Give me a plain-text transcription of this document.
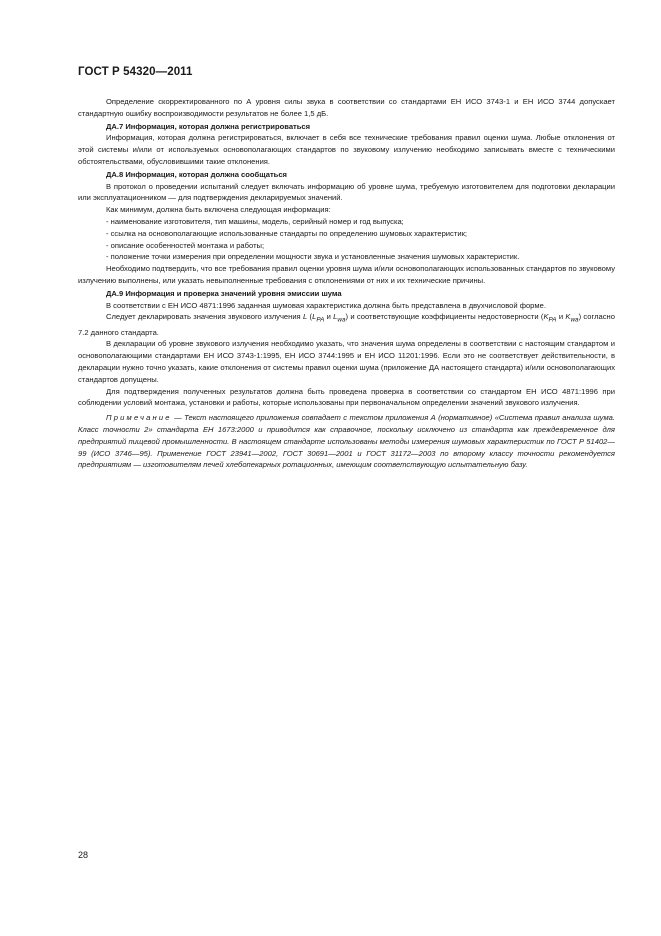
ГОСТ Р 54320—2011

Определение скорректированного по А уровня силы звука в соответствии со стандартами ЕН ИСО 3743-1 и ЕН ИСО 3744 допускает стандартную ошибку воспроизводимости результатов не более 1,5 дБ.

ДА.7 Информация, которая должна регистрироваться

Информация, которая должна регистрироваться, включает в себя все технические требования правил оценки шума. Любые отклонения от этой системы и/или от используемых основополагающих стандартов по звуковому излучению необходимо записывать вместе с техническими обстоятельствами, обусловившими такие отклонения.

ДА.8 Информация, которая должна сообщаться

В протокол о проведении испытаний следует включать информацию об уровне шума, требуемую изготовителем для подготовки декларации или эксплуатационником — для подтверждения декларируемых значений.

Как минимум, должна быть включена следующая информация:

- наименование изготовителя, тип машины, модель, серийный номер и год выпуска;

- ссылка на основополагающие использованные стандарты по определению шумовых характеристик;

- описание особенностей монтажа и работы;

- положение точки измерения при определении мощности звука и установленные значения шумовых характеристик.

Необходимо подтвердить, что все требования правил оценки уровня шума и/или основополагающих использованных стандартов по звуковому излучению выполнены, или указать невыполненные требования с отклонениями от них и их технические причины.

ДА.9 Информация и проверка значений уровня эмиссии шума

В соответствии с ЕН ИСО 4871:1996 заданная шумовая характеристика должна быть представлена в двухчисловой форме.

Следует декларировать значения звукового излучения L ($L_{PA}$ и $L_{wa}$) и соответствующие коэффициенты недостоверности ($K_{PA}$ и $K_{wa}$) согласно 7.2 данного стандарта.

В декларации об уровне звукового излучения необходимо указать, что значения шума определены в соответствии с настоящим стандартом и основополагающими стандартами ЕН ИСО 3743-1:1995, ЕН ИСО 3744:1995 и ЕН ИСО 11201:1996. Если это не соответствует действительности, в декларации нужно точно указать, какие отклонения от системы правил оценки шума (приложение ДА настоящего стандарта) и/или основополагающих стандартов допущены.

Для подтверждения полученных результатов должна быть проведена проверка в соответствии со стандартом ЕН ИСО 4871:1996 при соблюдении условий монтажа, установки и работы, которые использованы при первоначальном определении значений звукового излучения.

Примечание — Текст настоящего приложения совпадает с текстом приложения А (нормативное) «Система правил анализа шума. Класс точности 2» стандарта ЕН 1673:2000 и приводится как справочное, поскольку исключено из стандарта как преждевременное для предприятий пищевой промышленности. В настоящем стандарте использованы методы измерения шумовых характеристик по ГОСТ Р 51402—99 (ИСО 3746—95). Применение ГОСТ 23941—2002, ГОСТ 30691—2001 и ГОСТ 31172—2003 по второму классу точности рекомендуется предприятиям — изготовителям печей хлебопекарных ротационных, имеющим соответствующую испытательную базу.

28
